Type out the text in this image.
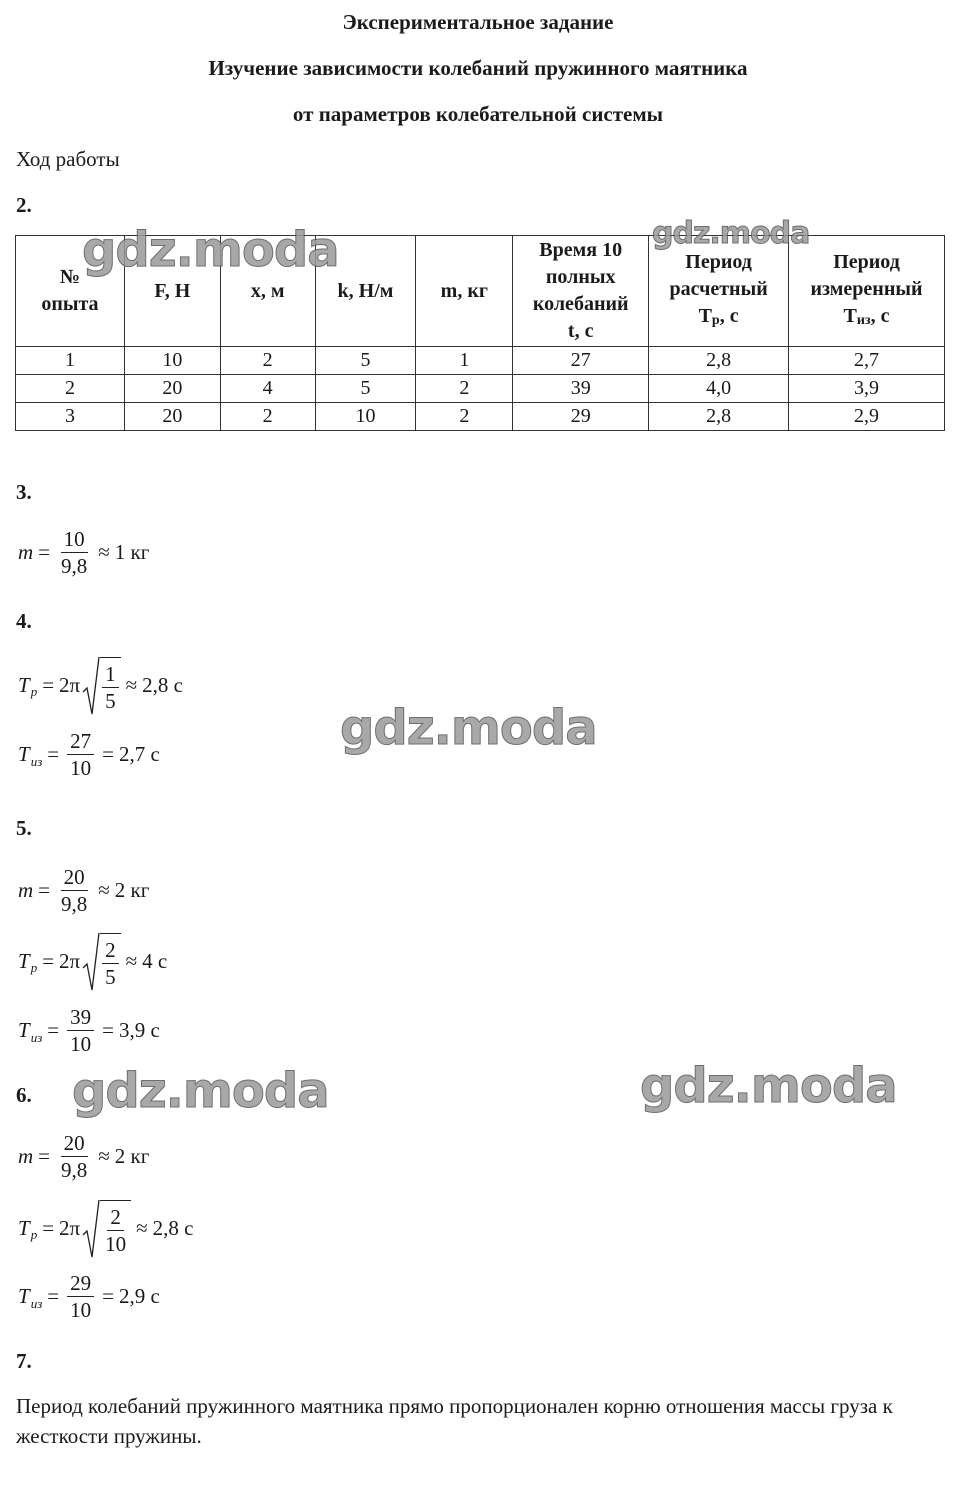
Экспериментальное задание
Изучение зависимости колебаний пружинного маятника
от параметров колебательной системы
Ход работы
2.
№
опыта	F, Н	x, м	k, Н/м	m, кг	Время 10
полных
колебаний
t, с	Период
расчетный
$Т_р$, с	Период
измеренный
$Т_{из}$, с
1	10	2	5	1	27	2,8	2,7
2	20	4	5	2	39	4,0	3,9
3	20	2	10	2	29	2,8	2,9
3.
$m = \frac{10}{9,8} \approx 1$ кг
4.
T $p = 2\pi \frac{1}{5} \approx 2,8$ с
T из = $\frac{27}{10} = 2,7$ с
5.
$m = \frac{20}{9,8} \approx 2$ кг
T $p = 2\pi \frac{2}{5} \approx 4$ с
T из = $\frac{39}{10} = 3,9$ с
6.
$m = \frac{20}{9,8} \approx 2$ кг
T $p = 2\pi \frac{2}{10} \approx 2,8$ с
T из = $\frac{29}{10} = 2,9$ с
7.
Период колебаний пружинного маятника прямо пропорционален корню отношения массы груза к жесткости пружины.
gdz.moda	gdz.moda
gdz.moda
gdz.moda	gdz.moda
